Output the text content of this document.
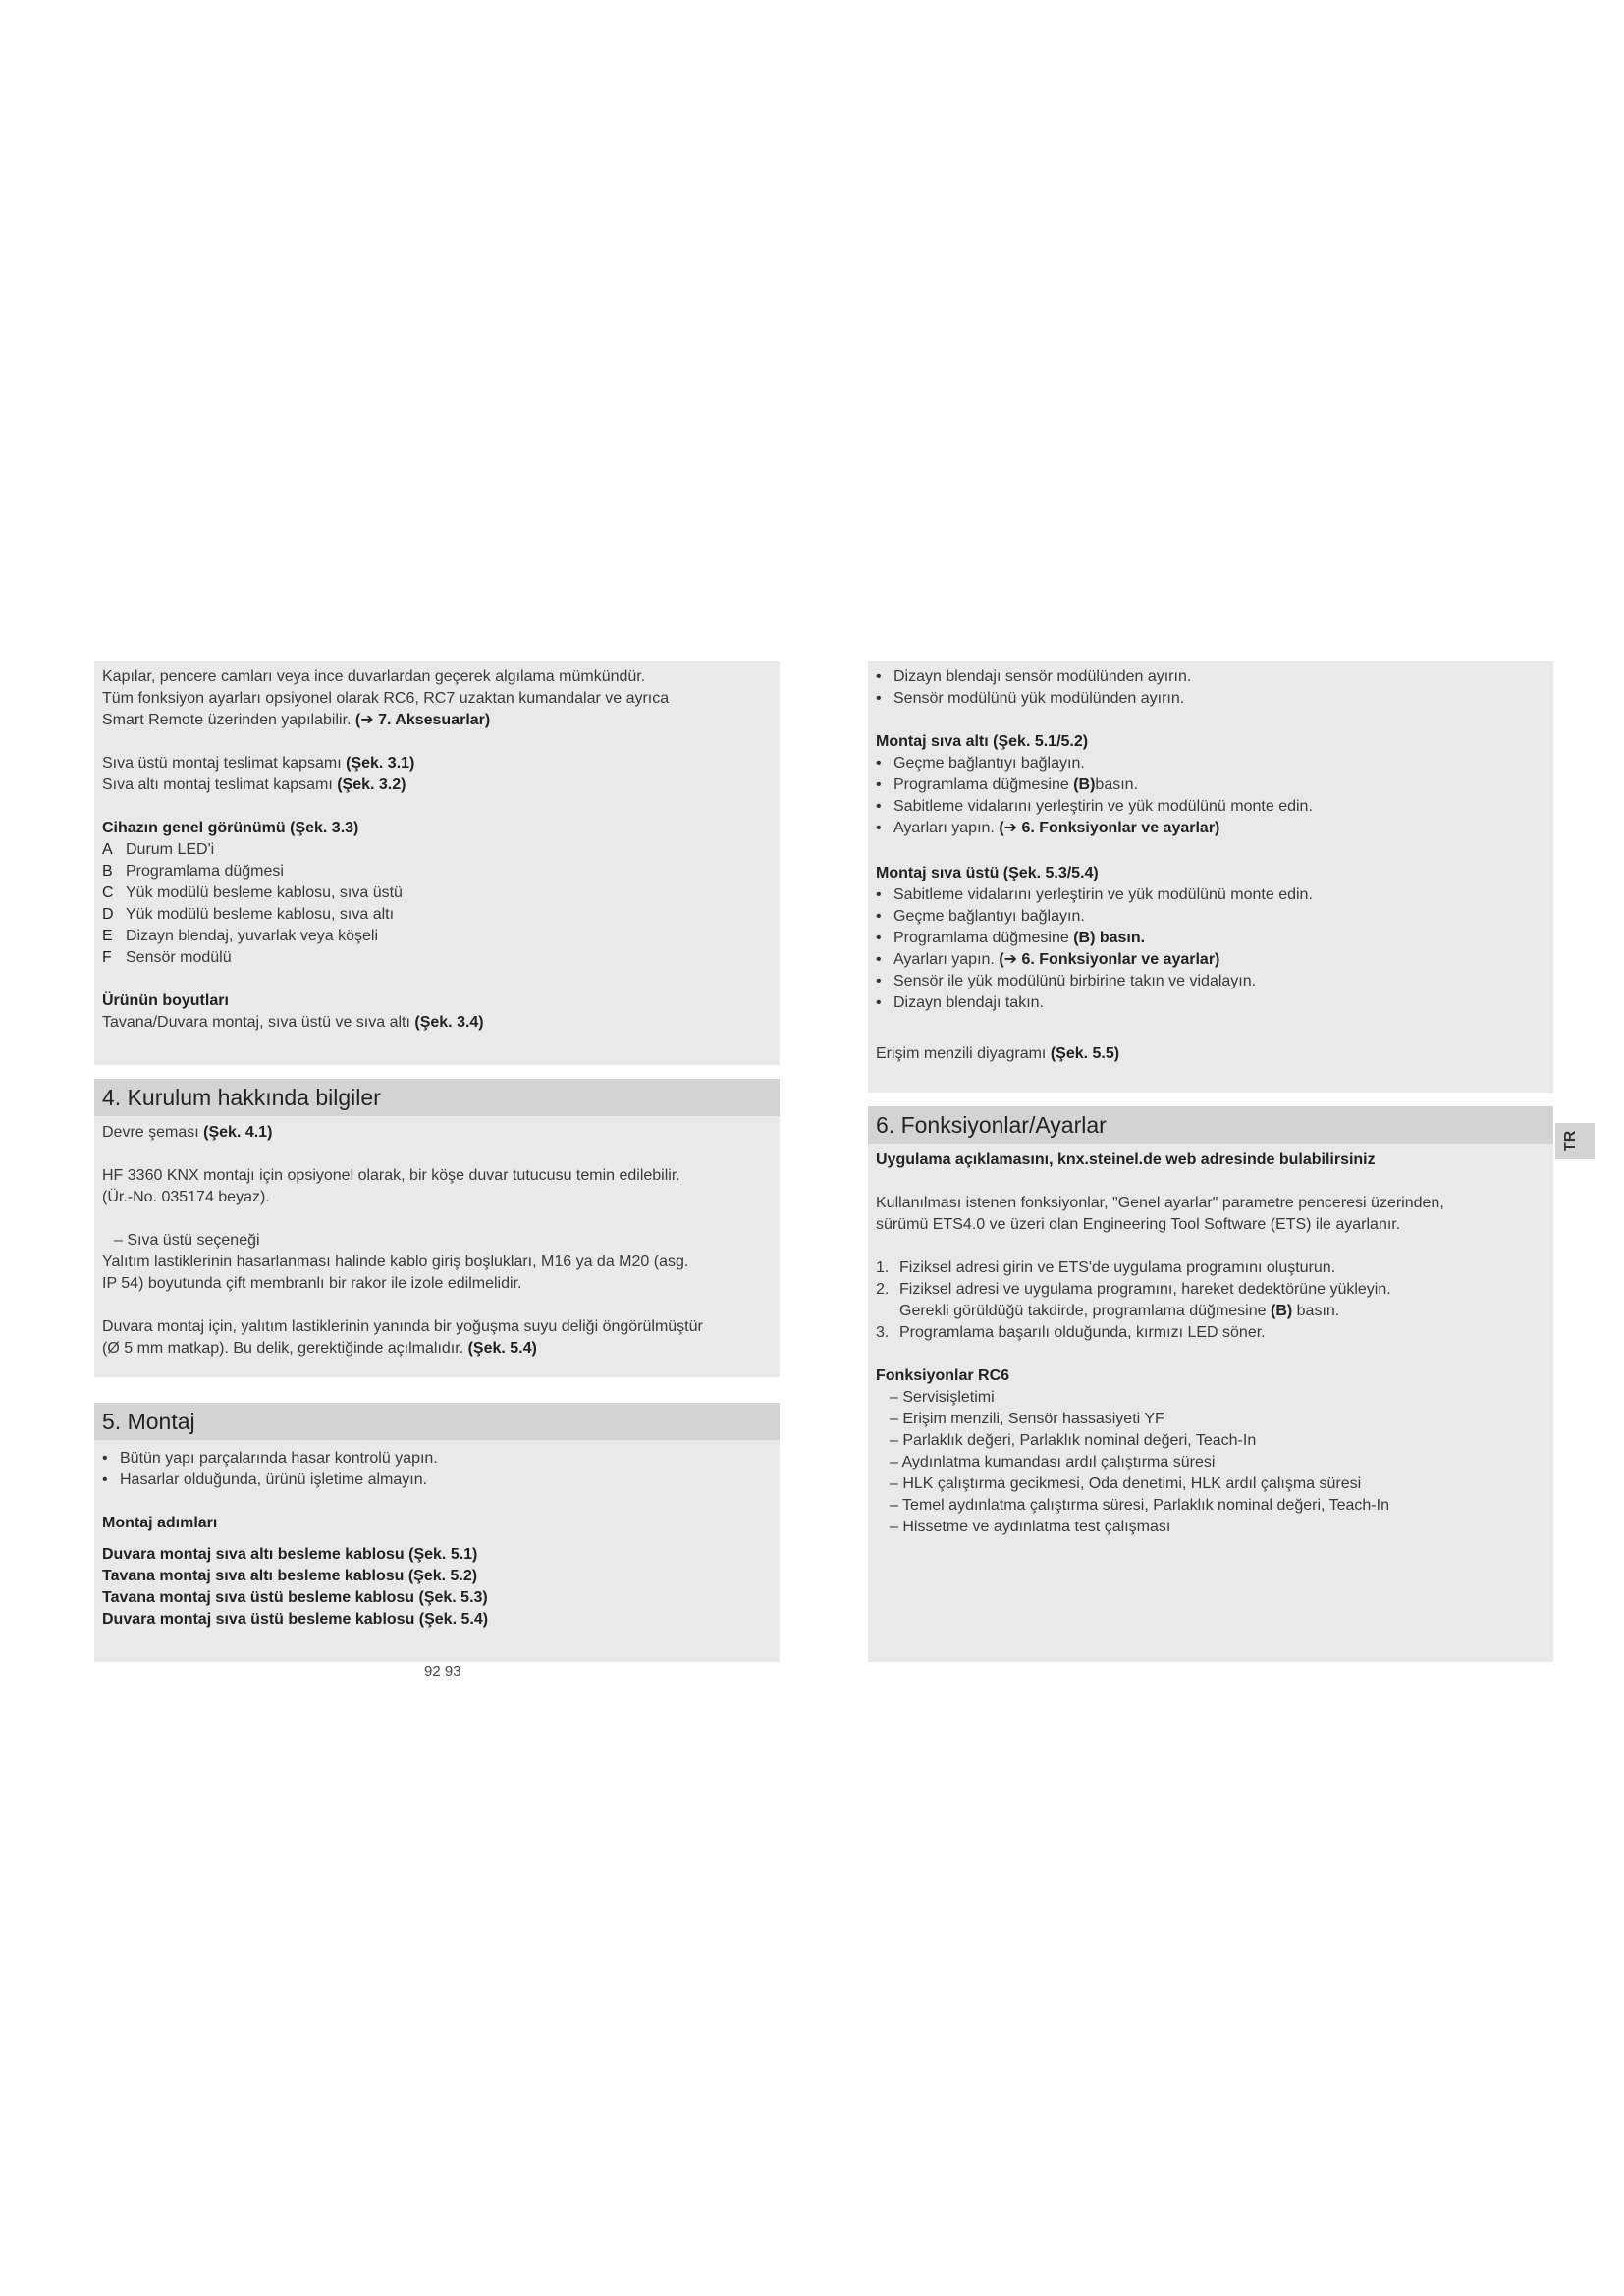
Kapılar, pencere camları veya ince duvarlardan geçerek algılama mümkündür.
Tüm fonksiyon ayarları opsiyonel olarak RC6, RC7 uzaktan kumandalar ve ayrıca
Smart Remote üzerinden yapılabilir. (➔ 7. Aksesuarlar)
Sıva üstü montaj teslimat kapsamı (Şek. 3.1)
Sıva altı montaj teslimat kapsamı (Şek. 3.2)
Cihazın genel görünümü (Şek. 3.3)
A Durum LED'i
B Programlama düğmesi
C Yük modülü besleme kablosu, sıva üstü
D Yük modülü besleme kablosu, sıva altı
E Dizayn blendaj, yuvarlak veya köşeli
F Sensör modülü
Ürünün boyutları
Tavana/Duvara montaj, sıva üstü ve sıva altı (Şek. 3.4)
4. Kurulum hakkında bilgiler
Devre şeması (Şek. 4.1)
HF 3360 KNX montajı için opsiyonel olarak, bir köşe duvar tutucusu temin edilebilir.
(Ür.-No. 035174 beyaz).
– Sıva üstü seçeneği
Yalıtım lastiklerinin hasarlanması halinde kablo giriş boşlukları, M16 ya da M20 (asg.
IP 54) boyutunda çift membranlı bir rakor ile izole edilmelidir.
Duvara montaj için, yalıtım lastiklerinin yanında bir yoğuşma suyu deliği öngörülmüştür
(Ø 5 mm matkap). Bu delik, gerektiğinde açılmalıdır. (Şek. 5.4)
5. Montaj
• Bütün yapı parçalarında hasar kontrolü yapın.
• Hasarlar olduğunda, ürünü işletime almayın.
Montaj adımları
Duvara montaj sıva altı besleme kablosu (Şek. 5.1)
Tavana montaj sıva altı besleme kablosu (Şek. 5.2)
Tavana montaj sıva üstü besleme kablosu (Şek. 5.3)
Duvara montaj sıva üstü besleme kablosu (Şek. 5.4)
92 93
• Dizayn blendajı sensör modülünden ayırın.
• Sensör modülünü yük modülünden ayırın.
Montaj sıva altı (Şek. 5.1/5.2)
• Geçme bağlantıyı bağlayın.
• Programlama düğmesine (B)basın.
• Sabitleme vidalarını yerleştirin ve yük modülünü monte edin.
• Ayarları yapın. (➔ 6. Fonksiyonlar ve ayarlar)
Montaj sıva üstü (Şek. 5.3/5.4)
• Sabitleme vidalarını yerleştirin ve yük modülünü monte edin.
• Geçme bağlantıyı bağlayın.
• Programlama düğmesine (B) basın.
• Ayarları yapın. (➔ 6. Fonksiyonlar ve ayarlar)
• Sensör ile yük modülünü birbirine takın ve vidalayın.
• Dizayn blendajı takın.
Erişim menzili diyagramı (Şek. 5.5)
6. Fonksiyonlar/Ayarlar
Uygulama açıklamasını, knx.steinel.de web adresinde bulabilirsiniz
Kullanılması istenen fonksiyonlar, "Genel ayarlar" parametre penceresi üzerinden,
sürümü ETS4.0 ve üzeri olan Engineering Tool Software (ETS) ile ayarlanır.
1. Fiziksel adresi girin ve ETS'de uygulama programını oluşturun.
2. Fiziksel adresi ve uygulama programını, hareket dedektörüne yükleyin.
Gerekli görüldüğü takdirde, programlama düğmesine (B) basın.
3. Programlama başarılı olduğunda, kırmızı LED söner.
Fonksiyonlar RC6
– Servisişletimi
– Erişim menzili, Sensör hassasiyeti YF
– Parlaklık değeri, Parlaklık nominal değeri, Teach-In
– Aydınlatma kumandası ardıl çalıştırma süresi
– HLK çalıştırma gecikmesi, Oda denetimi, HLK ardıl çalışma süresi
– Temel aydınlatma çalıştırma süresi, Parlaklık nominal değeri, Teach-In
– Hissetme ve aydınlatma test çalışması
TR
